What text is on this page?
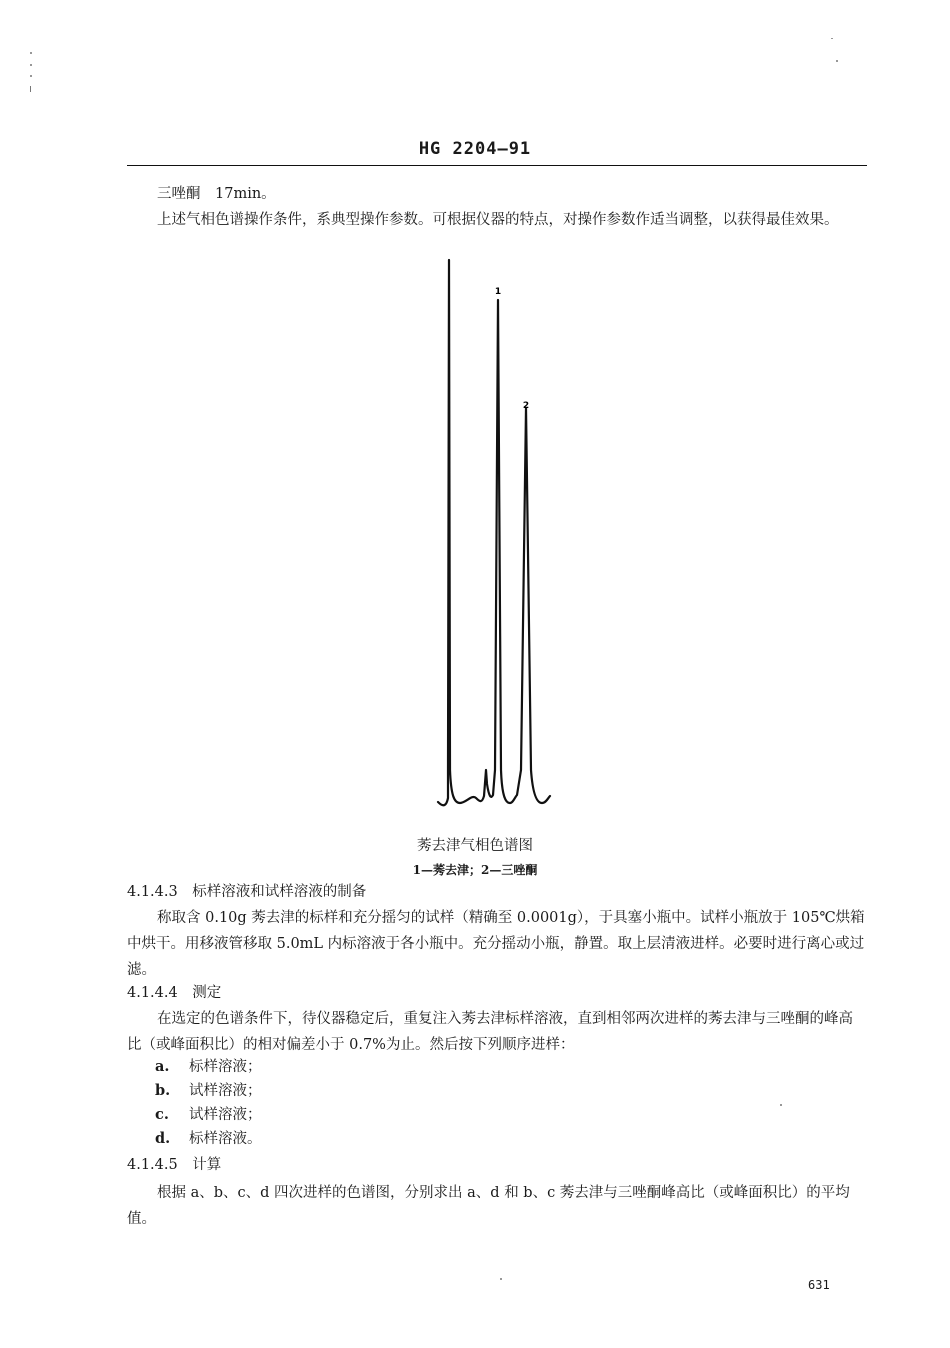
HG 2204—91
三唑酮　17min。
上述气相色谱操作条件，系典型操作参数。可根据仪器的特点，对操作参数作适当调整，以获得最佳效果。
1
2
莠去津气相色谱图
1—莠去津；2—三唑酮
4.1.4.3　标样溶液和试样溶液的制备
称取含 0.10g 莠去津的标样和充分摇匀的试样（精确至 0.0001g），于具塞小瓶中。试样小瓶放于 105℃烘箱中烘干。用移液管移取 5.0mL 内标溶液于各小瓶中。充分摇动小瓶，静置。取上层清液进样。必要时进行离心或过滤。
4.1.4.4　测定
在选定的色谱条件下，待仪器稳定后，重复注入莠去津标样溶液，直到相邻两次进样的莠去津与三唑酮的峰高比（或峰面积比）的相对偏差小于 0.7%为止。然后按下列顺序进样：
a. 标样溶液；
b. 试样溶液；
c. 试样溶液；
d. 标样溶液。
4.1.4.5　计算
根据 a、b、c、d 四次进样的色谱图，分别求出 a、d 和 b、c 莠去津与三唑酮峰高比（或峰面积比）的平均值。
631
